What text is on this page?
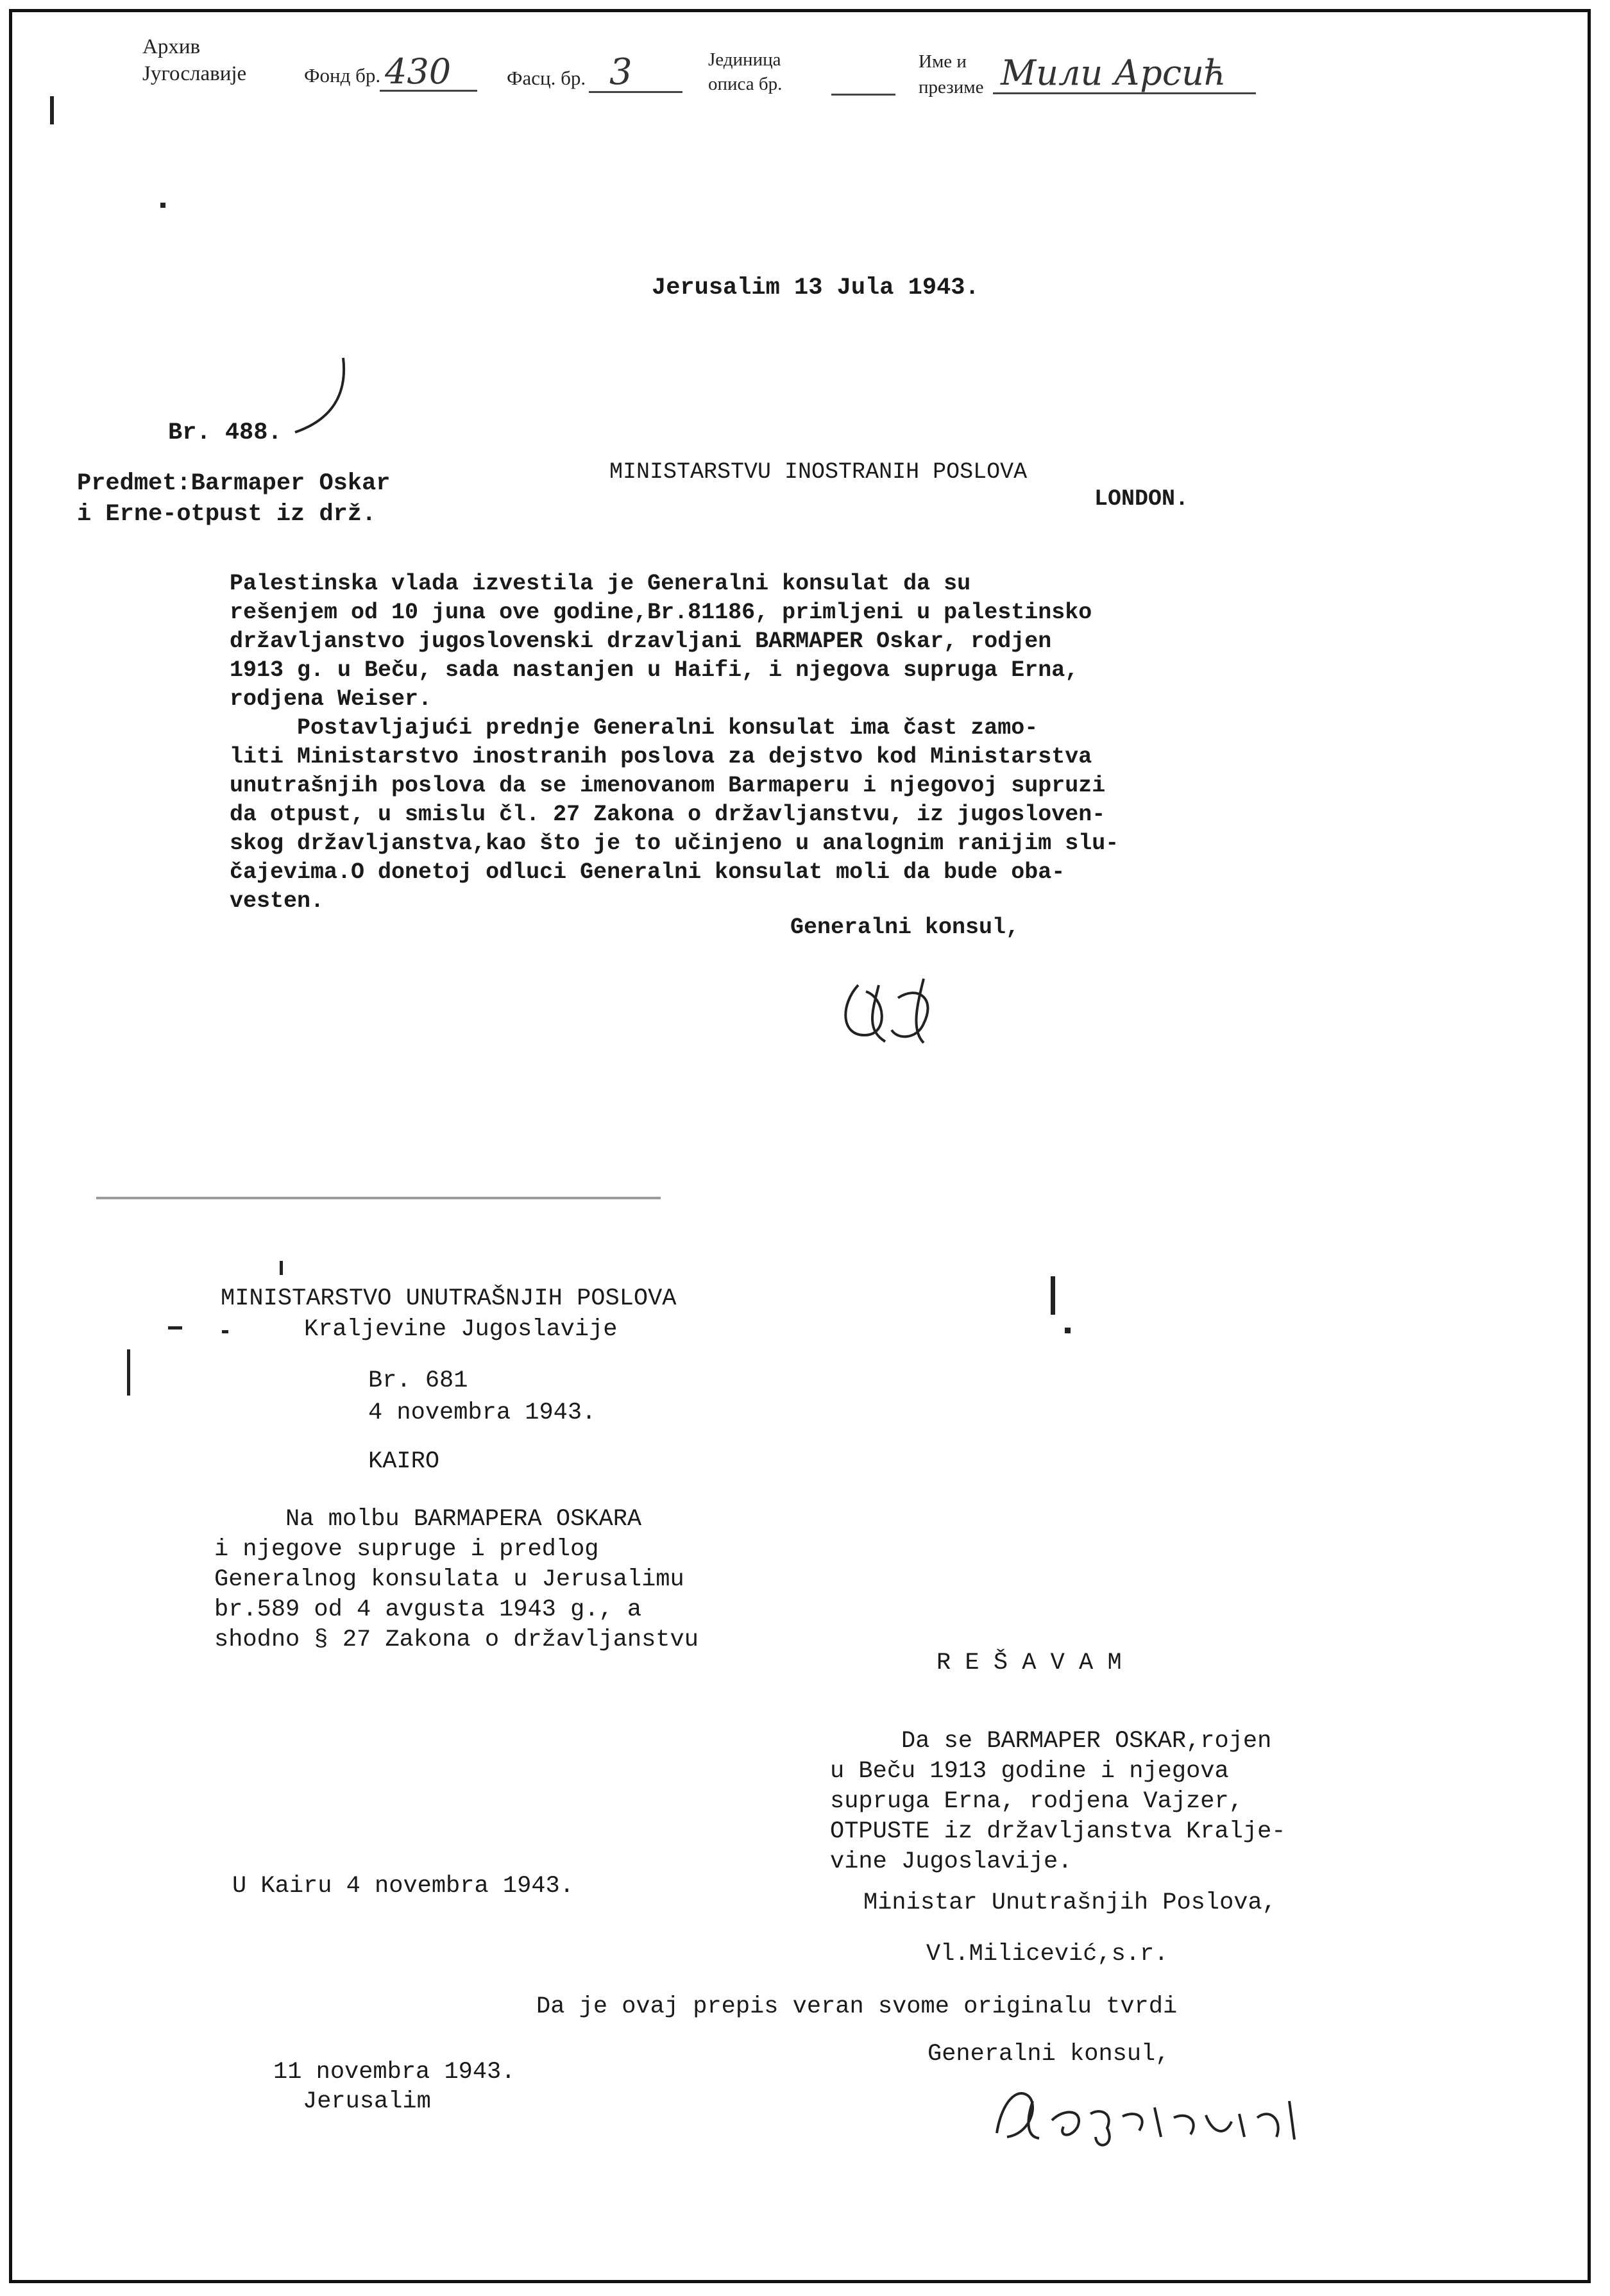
Архив
Југославије	Фонд бр. 430	Фасц. бр. 3	Јединица
описа бр.
Име и
презиме Мили Арсић
Jerusalim 13 Jula 1943.
Br. 488.
Predmet:Barmaper Oskar
i Erne-otpust iz drž.
MINISTARSTVU INOSTRANIH POSLOVA
LONDON.
Palestinska vlada izvestila je Generalni konsulat da su
rešenjem od 10 juna ove godine,Br.81186, primljeni u palestinsko
državljanstvo jugoslovenski drzavljani BARMAPER Oskar, rodjen
1913 g. u Beču, sada nastanjen u Haifi, i njegova supruga Erna,
rodjena Weiser.
Postavljajući prednje Generalni konsulat ima čast zamo-
liti Ministarstvo inostranih poslova za dejstvo kod Ministarstva
unutrašnjih poslova da se imenovanom Barmaperu i njegovoj supruzi
da otpust, u smislu čl. 27 Zakona o državljanstvu, iz jugosloven-
skog državljanstva,kao što je to učinjeno u analognim ranijim slu-
čajevima.O donetoj odluci Generalni konsulat moli da bude oba-
vesten.
Generalni konsul,
MINISTARSTVO UNUTRAŠNJIH POSLOVA
Kraljevine Jugoslavije
Br. 681
4 novembra 1943.
KAIRO
Na molbu BARMAPERA OSKARA
i njegove supruge i predlog
Generalnog konsulata u Jerusalimu
br.589 od 4 avgusta 1943 g., a
shodno § 27 Zakona o državljanstvu
R E Š A V A M
Da se BARMAPER OSKAR,rojen
u Beču 1913 godine i njegova
supruga Erna, rodjena Vajzer,
OTPUSTE iz državljanstva Kralje-
vine Jugoslavije.
U Kairu 4 novembra 1943.
Ministar Unutrašnjih Poslova,
Vl.Milicević,s.r.
Da je ovaj prepis veran svome originalu tvrdi
Generalni konsul,
11 novembra 1943.
Jerusalim
